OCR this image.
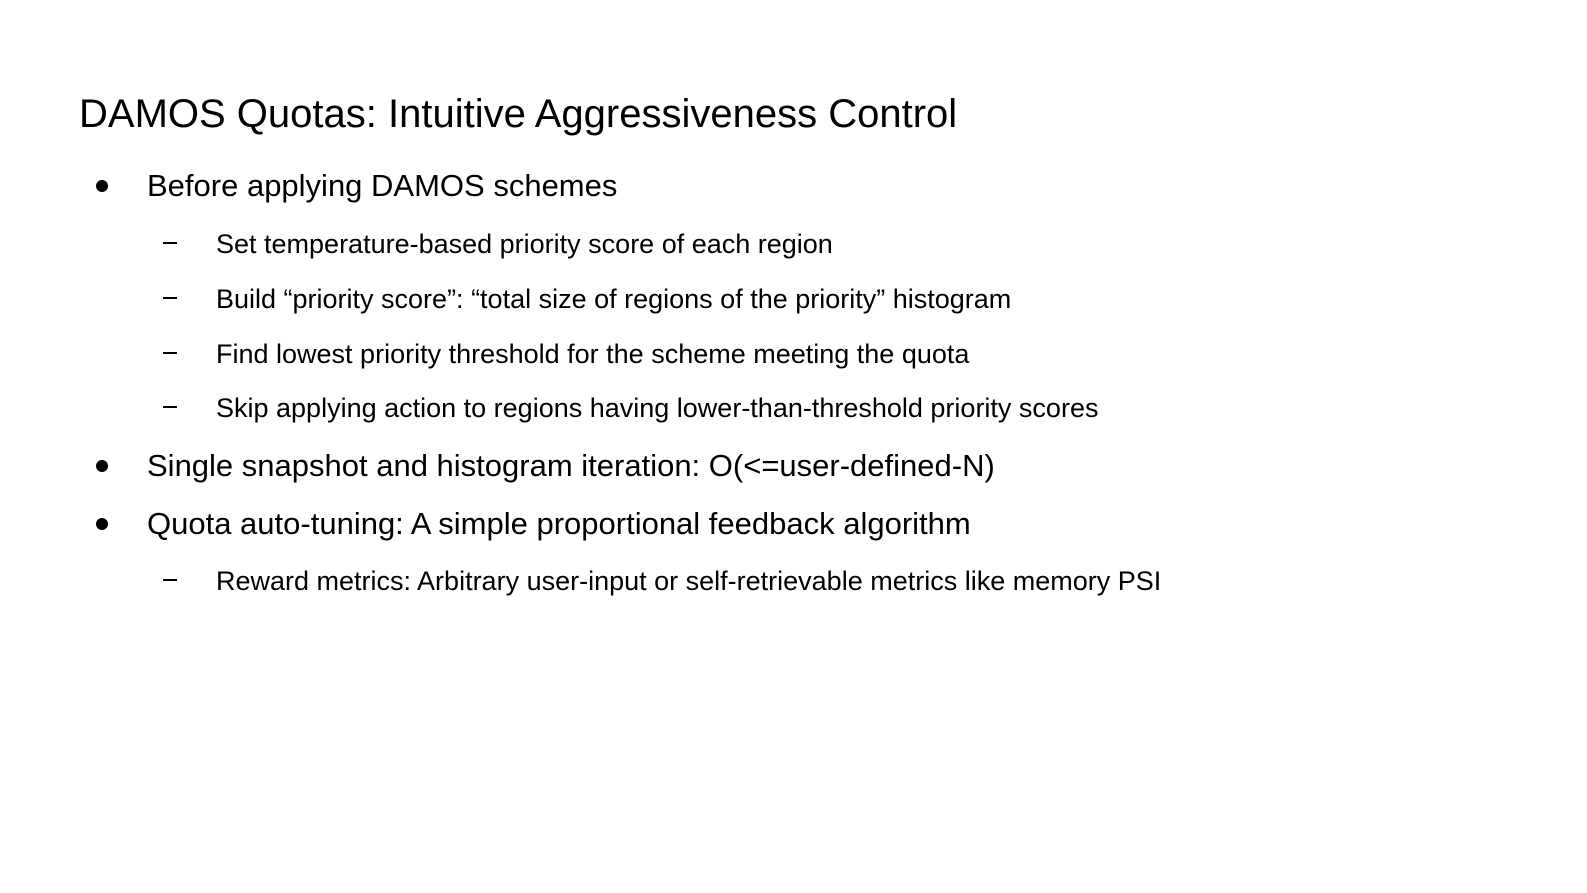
DAMOS Quotas: Intuitive Aggressiveness Control
Before applying DAMOS schemes
Set temperature-based priority score of each region
Build “priority score”: “total size of regions of the priority” histogram
Find lowest priority threshold for the scheme meeting the quota
Skip applying action to regions having lower-than-threshold priority scores
Single snapshot and histogram iteration: O(<=user-defined-N)
Quota auto-tuning: A simple proportional feedback algorithm
Reward metrics: Arbitrary user-input or self-retrievable metrics like memory PSI
